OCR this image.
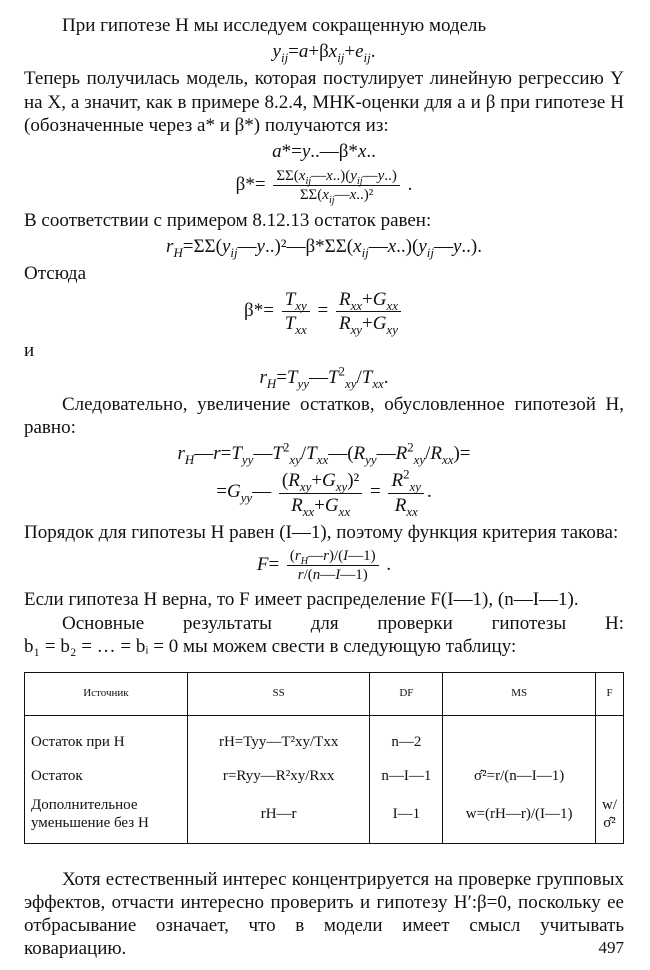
При гипотезе H мы исследуем сокращенную модель

$y_{ij}=a+\beta x_{ij}+e_{ij}$.

Теперь получилась модель, которая постулирует линейную регрессию Y на X, а значит, как в примере 8.2.4, МНК-оценки для a и β при гипотезе H (обозначенные через a* и β*) получаются из:

a*=y..—β*x..
$\beta*= \frac{\Sigma\Sigma(x_{ij}—x..)(y_{ij}—y..)}{\Sigma\Sigma(x_{ij}—x..)^2}$ .

В соответствии с примером 8.12.13 остаток равен:

$r_H=\Sigma\Sigma(y_{ij}—y..)^2—\beta*\Sigma\Sigma(x_{ij}—x..)(y_{ij}—y..)$.

Отсюда

$\beta*= \frac{T_{xy}}{T_{xx}} = \frac{R_{xx}+G_{xx}}{R_{xy}+G_{xy}}$

и

$r_H=T_{yy}—T^2_{xy}/T_{xx}$.

Следовательно, увеличение остатков, обусловленное гипотезой H, равно:

$r_H—r=T_{yy}—T^2_{xy}/T_{xx}—(R_{yy}—R^2_{xy}/R_{xx})=$
$=G_{yy}— \frac{(R_{xy}+G_{xy})^2}{R_{xx}+G_{xx}} = \frac{R^2_{xy}}{R_{xx}}$ .

Порядок для гипотезы H равен (I—1), поэтому функция критерия такова:

$F= \frac{(r_H—r)/(I—1)}{r/(n—I—1)}$ .

Если гипотеза H верна, то F имеет распределение F(I—1), (n—I—1).

Основные результаты для проверки гипотезы H:

b₁ = b₂ = … = bᵢ = 0 мы можем свести в следующую таблицу:

Источник	SS	DF	MS	F
Остаток при H	rH=Tyy—T²xy/Txx	n—2		
Остаток	r=Ryy—R²xy/Rxx	n—I—1	σ̂²=r/(n—I—1)	
Дополнительное уменьшение без H	rH—r	I—1	w=(rH—r)/(I—1)	w/σ̂²

Хотя естественный интерес концентрируется на проверке групповых эффектов, отчасти интересно проверить и гипотезу H′:β=0, поскольку ее отбрасывание означает, что в модели имеет смысл учитывать ковариацию.	497
